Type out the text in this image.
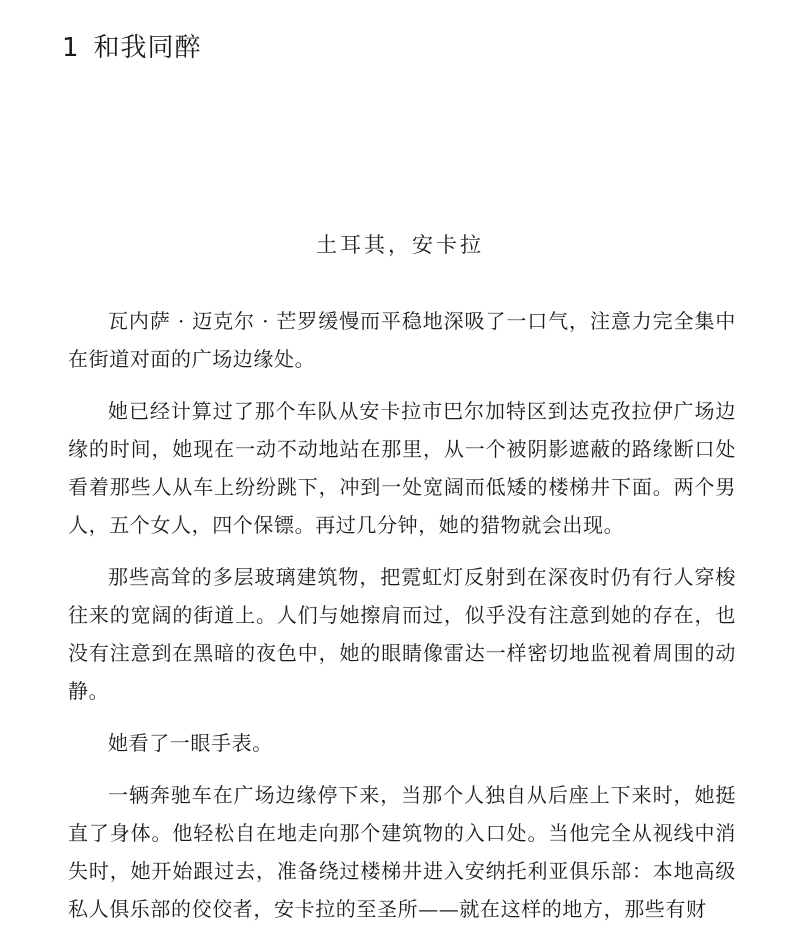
1 和我同醉
土耳其，安卡拉

瓦内萨 · 迈克尔 · 芒罗缓慢而平稳地深吸了一口气，注意力完全集中在街道对面的广场边缘处。

她已经计算过了那个车队从安卡拉市巴尔加特区到达克孜拉伊广场边缘的时间，她现在一动不动地站在那里，从一个被阴影遮蔽的路缘断口处看着那些人从车上纷纷跳下，冲到一处宽阔而低矮的楼梯井下面。两个男人，五个女人，四个保镖。再过几分钟，她的猎物就会出现。

那些高耸的多层玻璃建筑物，把霓虹灯反射到在深夜时仍有行人穿梭往来的宽阔的街道上。人们与她擦肩而过，似乎没有注意到她的存在，也没有注意到在黑暗的夜色中，她的眼睛像雷达一样密切地监视着周围的动静。

她看了一眼手表。

一辆奔驰车在广场边缘停下来，当那个人独自从后座上下来时，她挺直了身体。他轻松自在地走向那个建筑物的入口处。当他完全从视线中消失时，她开始跟过去，准备绕过楼梯井进入安纳托利亚俱乐部：本地高级私人俱乐部的佼佼者，安卡拉的至圣所——就在这样的地方，那些有财
